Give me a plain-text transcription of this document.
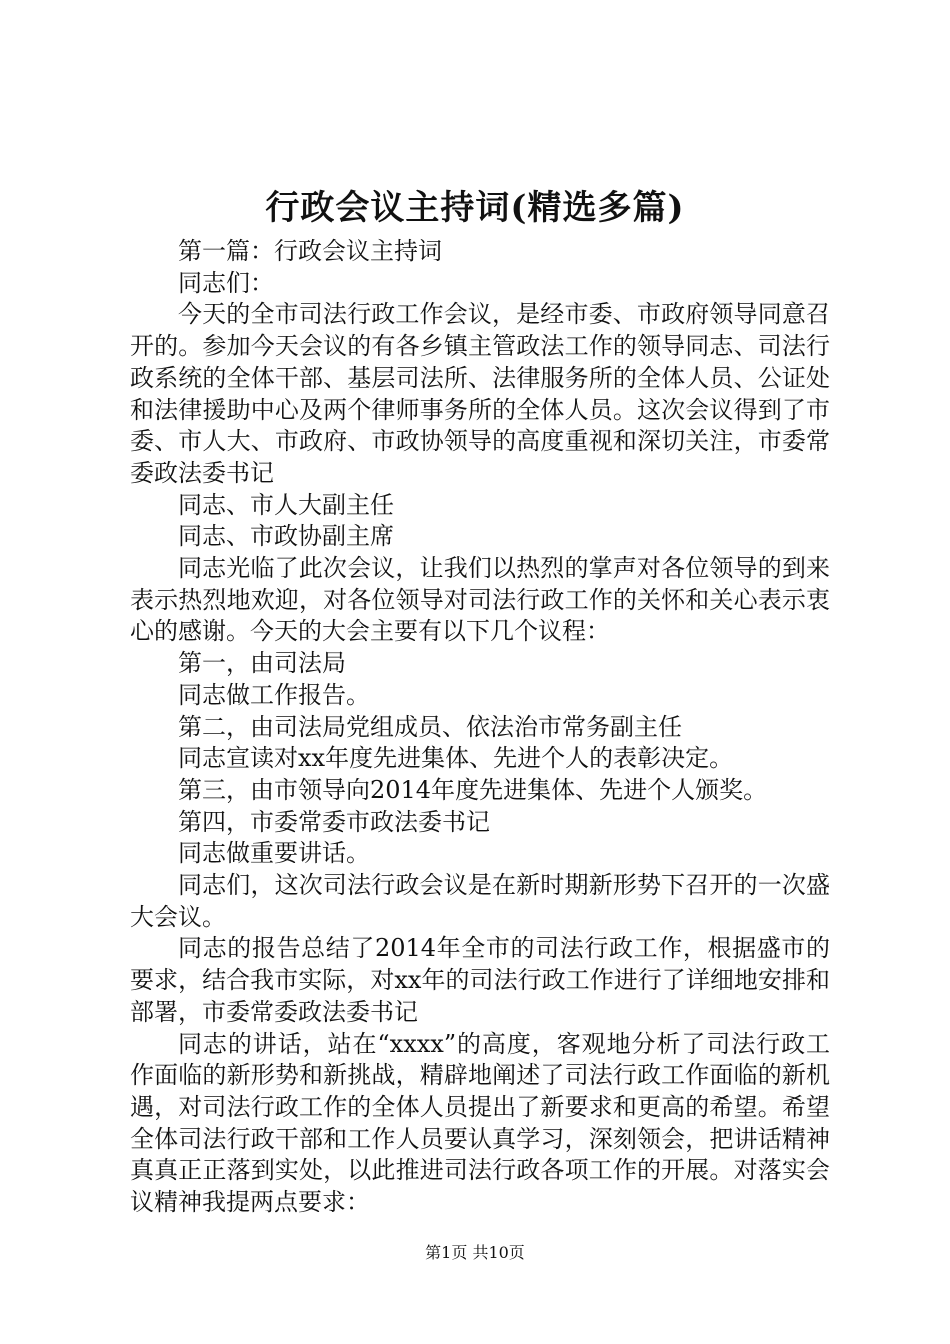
行政会议主持词(精选多篇)

第一篇：行政会议主持词

同志们：

今天的全市司法行政工作会议，是经市委、市政府领导同意召开的。参加今天会议的有各乡镇主管政法工作的领导同志、司法行政系统的全体干部、基层司法所、法律服务所的全体人员、公证处和法律援助中心及两个律师事务所的全体人员。这次会议得到了市委、市人大、市政府、市政协领导的高度重视和深切关注，市委常委政法委书记

同志、市人大副主任

同志、市政协副主席

同志光临了此次会议，让我们以热烈的掌声对各位领导的到来表示热烈地欢迎，对各位领导对司法行政工作的关怀和关心表示衷心的感谢。今天的大会主要有以下几个议程：

第一，由司法局

同志做工作报告。

第二，由司法局党组成员、依法治市常务副主任

同志宣读对xx年度先进集体、先进个人的表彰决定。

第三，由市领导向2014年度先进集体、先进个人颁奖。

第四，市委常委市政法委书记

同志做重要讲话。

同志们，这次司法行政会议是在新时期新形势下召开的一次盛大会议。

同志的报告总结了2014年全市的司法行政工作，根据盛市的要求，结合我市实际，对xx年的司法行政工作进行了详细地安排和部署，市委常委政法委书记

同志的讲话，站在“xxxx”的高度，客观地分析了司法行政工作面临的新形势和新挑战，精辟地阐述了司法行政工作面临的新机遇，对司法行政工作的全体人员提出了新要求和更高的希望。希望全体司法行政干部和工作人员要认真学习，深刻领会，把讲话精神真真正正落到实处，以此推进司法行政各项工作的开展。对落实会议精神我提两点要求：

第1页 共10页
